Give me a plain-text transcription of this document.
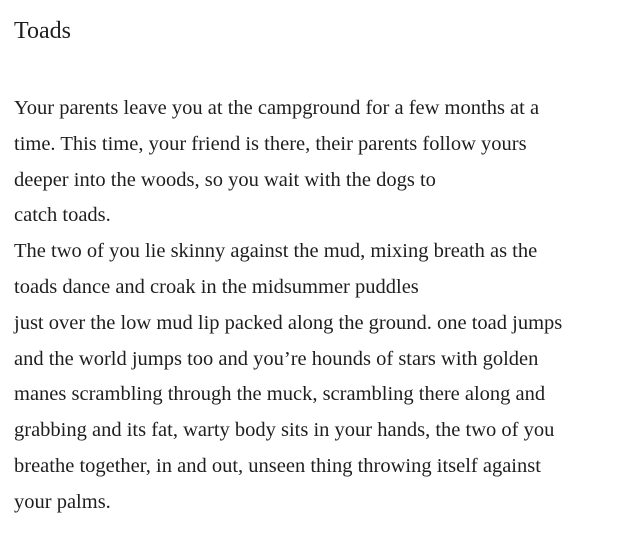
Toads
Your parents leave you at the campground for a few months at a
time. This time, your friend is there, their parents follow yours
deeper into the woods, so you wait with the dogs to
catch toads.
The two of you lie skinny against the mud, mixing breath as the
toads dance and croak in the midsummer puddles
just over the low mud lip packed along the ground. one toad jumps
and the world jumps too and you’re hounds of stars with golden
manes scrambling through the muck, scrambling there along and
grabbing and its fat, warty body sits in your hands, the two of you
breathe together, in and out, unseen thing throwing itself against
your palms.
